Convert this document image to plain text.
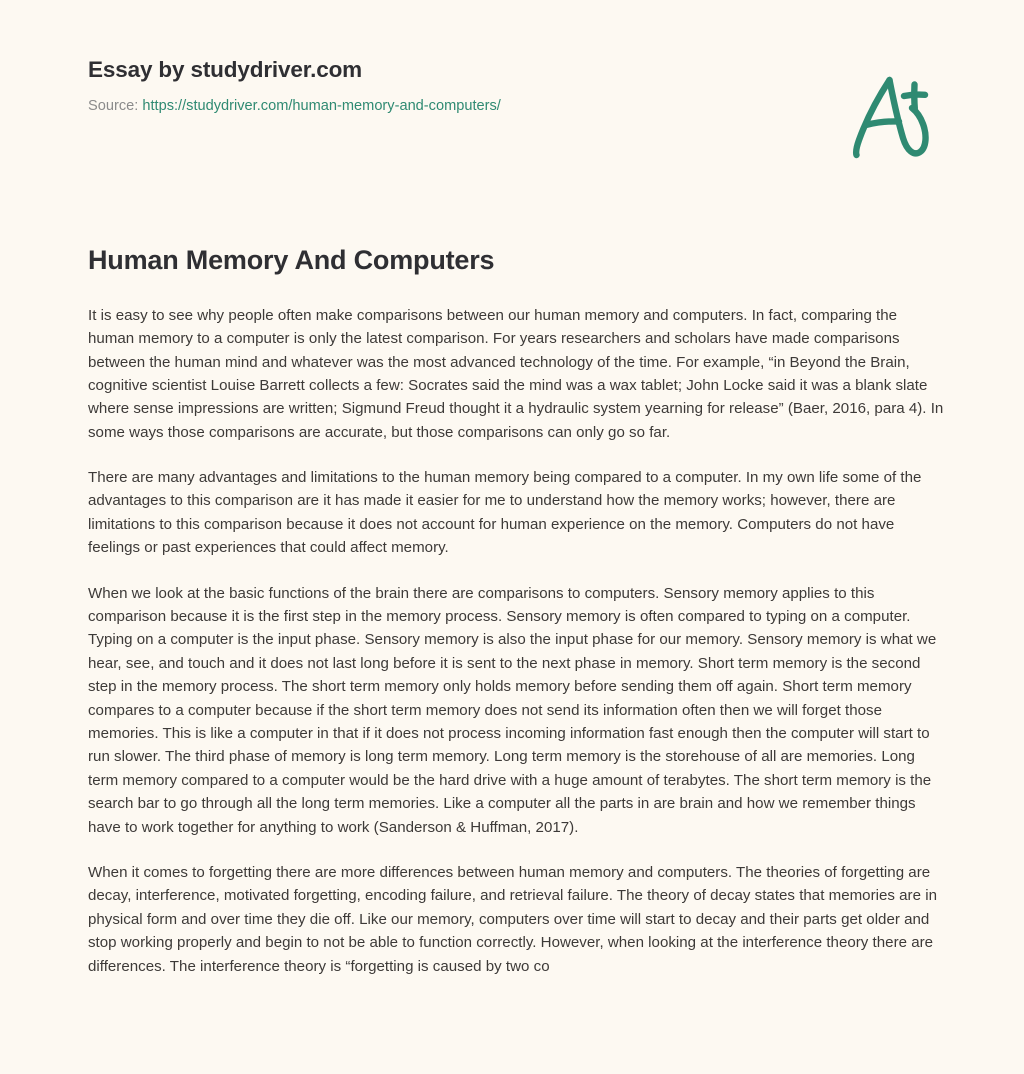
Essay by studydriver.com
Source: https://studydriver.com/human-memory-and-computers/
Human Memory And Computers

It is easy to see why people often make comparisons between our human memory and computers. In fact, comparing the human memory to a computer is only the latest comparison. For years researchers and scholars have made comparisons between the human mind and whatever was the most advanced technology of the time. For example, “in Beyond the Brain, cognitive scientist Louise Barrett collects a few: Socrates said the mind was a wax tablet; John Locke said it was a blank slate where sense impressions are written; Sigmund Freud thought it a hydraulic system yearning for release” (Baer, 2016, para 4). In some ways those comparisons are accurate, but those comparisons can only go so far.

There are many advantages and limitations to the human memory being compared to a computer. In my own life some of the advantages to this comparison are it has made it easier for me to understand how the memory works; however, there are limitations to this comparison because it does not account for human experience on the memory. Computers do not have feelings or past experiences that could affect memory.

When we look at the basic functions of the brain there are comparisons to computers. Sensory memory applies to this comparison because it is the first step in the memory process. Sensory memory is often compared to typing on a computer. Typing on a computer is the input phase. Sensory memory is also the input phase for our memory. Sensory memory is what we hear, see, and touch and it does not last long before it is sent to the next phase in memory. Short term memory is the second step in the memory process. The short term memory only holds memory before sending them off again. Short term memory compares to a computer because if the short term memory does not send its information often then we will forget those memories. This is like a computer in that if it does not process incoming information fast enough then the computer will start to run slower. The third phase of memory is long term memory. Long term memory is the storehouse of all are memories. Long term memory compared to a computer would be the hard drive with a huge amount of terabytes. The short term memory is the search bar to go through all the long term memories. Like a computer all the parts in are brain and how we remember things have to work together for anything to work (Sanderson & Huffman, 2017).

When it comes to forgetting there are more differences between human memory and computers. The theories of forgetting are decay, interference, motivated forgetting, encoding failure, and retrieval failure. The theory of decay states that memories are in physical form and over time they die off. Like our memory, computers over time will start to decay and their parts get older and stop working properly and begin to not be able to function correctly. However, when looking at the interference theory there are differences. The interference theory is “forgetting is caused by two co
